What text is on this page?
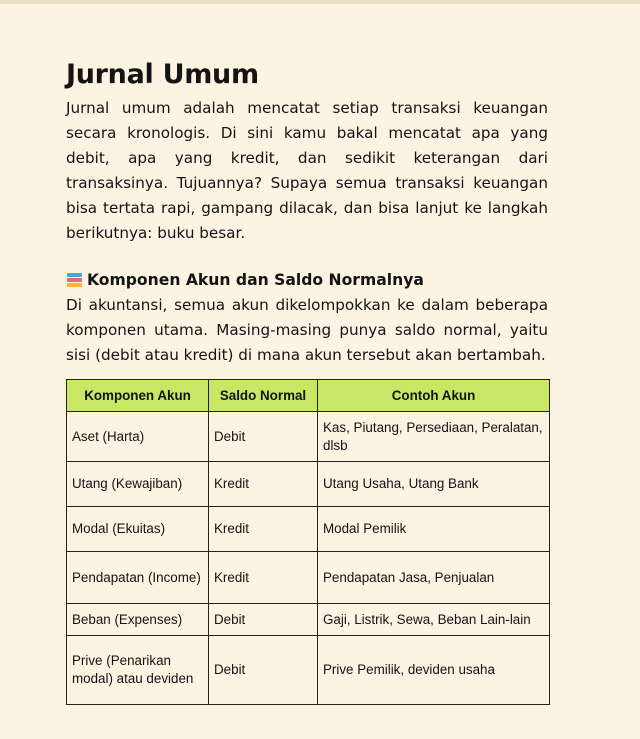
Jurnal Umum

Jurnal umum adalah mencatat setiap transaksi keuangan secara kronologis. Di sini kamu bakal mencatat apa yang debit, apa yang kredit, dan sedikit keterangan dari transaksinya. Tujuannya? Supaya semua transaksi keuangan bisa tertata rapi, gampang dilacak, dan bisa lanjut ke langkah berikutnya: buku besar.

Komponen Akun dan Saldo Normalnya

Di akuntansi, semua akun dikelompokkan ke dalam beberapa komponen utama. Masing-masing punya saldo normal, yaitu sisi (debit atau kredit) di mana akun tersebut akan bertambah.

Komponen Akun	Saldo Normal	Contoh Akun
Aset (Harta)	Debit	Kas, Piutang, Persediaan, Peralatan, dlsb
Utang (Kewajiban)	Kredit	Utang Usaha, Utang Bank
Modal (Ekuitas)	Kredit	Modal Pemilik
Pendapatan (Income)	Kredit	Pendapatan Jasa, Penjualan
Beban (Expenses)	Debit	Gaji, Listrik, Sewa, Beban Lain-lain
Prive (Penarikan modal) atau deviden	Debit	Prive Pemilik, deviden usaha
